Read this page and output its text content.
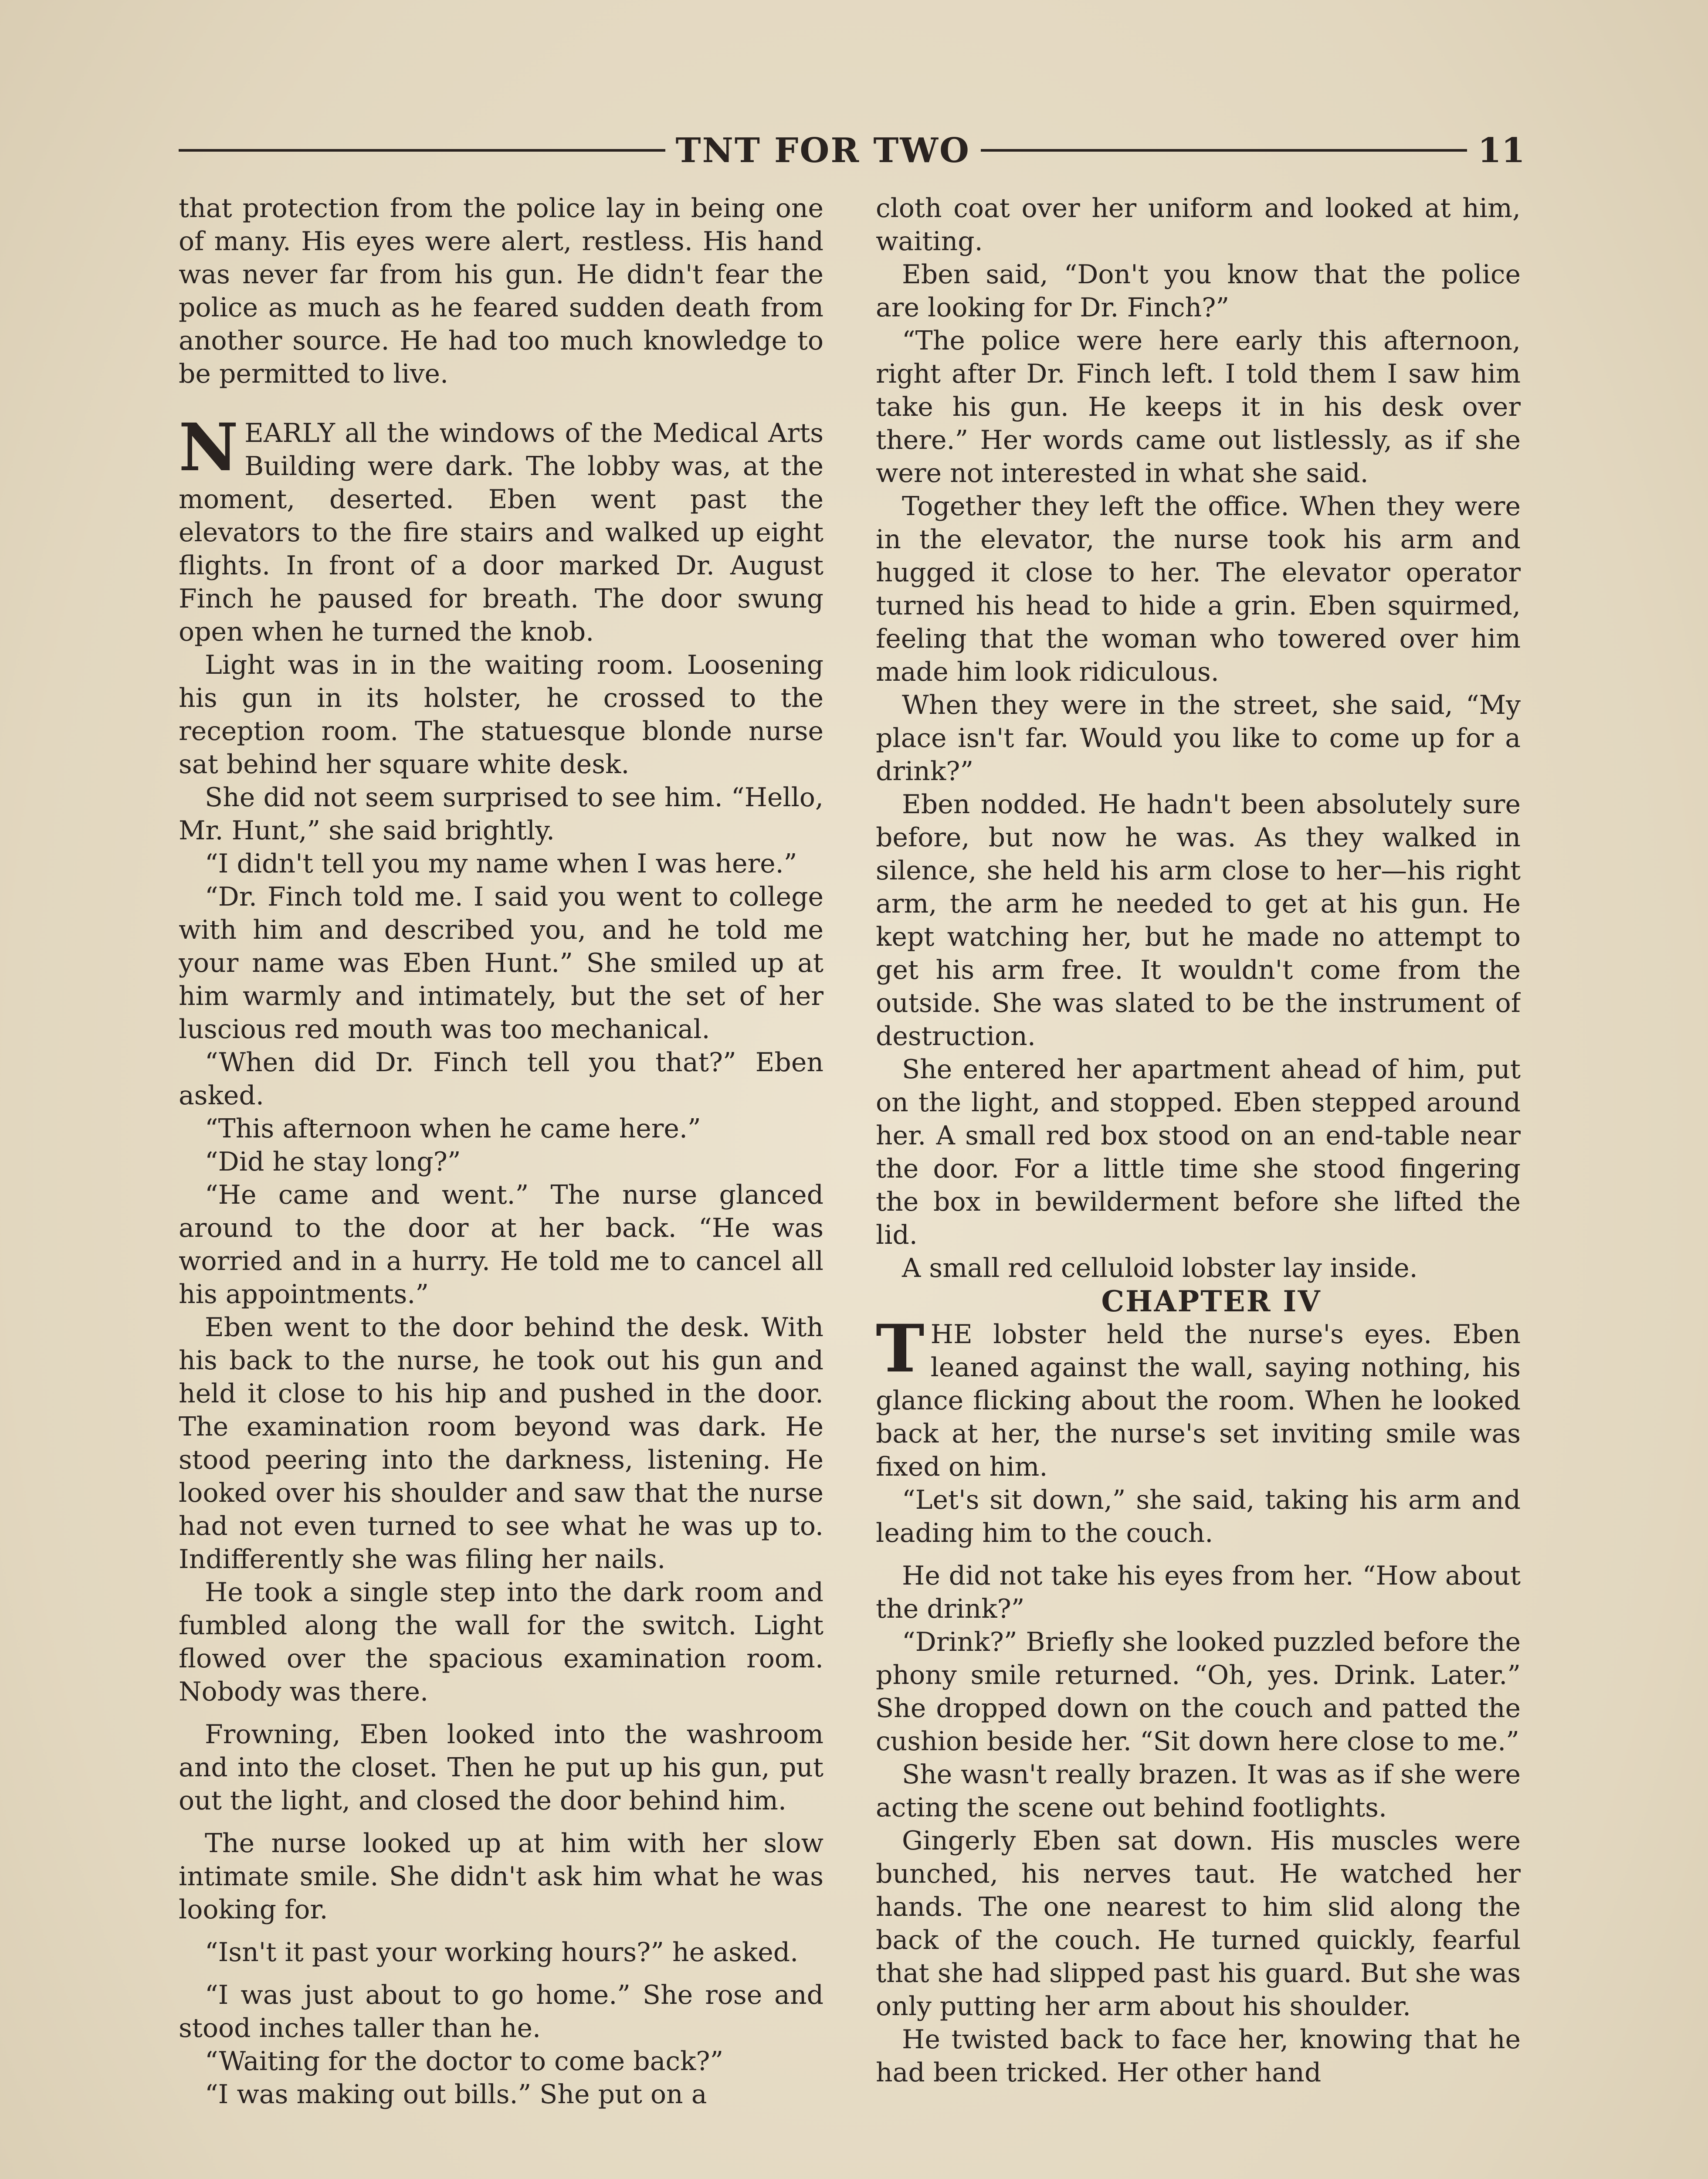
TNT FOR TWO	11

that protection from the police lay in being one of many. His eyes were alert, restless. His hand was never far from his gun. He didn't fear the police as much as he feared sudden death from another source. He had too much knowledge to be permitted to live.

NEARLY all the windows of the Medical Arts Building were dark. The lobby was, at the moment, deserted. Eben went past the elevators to the fire stairs and walked up eight flights. In front of a door marked Dr. August Finch he paused for breath. The door swung open when he turned the knob.

Light was in in the waiting room. Loosening his gun in its holster, he crossed to the reception room. The statuesque blonde nurse sat behind her square white desk.

She did not seem surprised to see him. “Hello, Mr. Hunt,” she said brightly.

“I didn't tell you my name when I was here.”

“Dr. Finch told me. I said you went to college with him and described you, and he told me your name was Eben Hunt.” She smiled up at him warmly and intimately, but the set of her luscious red mouth was too mechanical.

“When did Dr. Finch tell you that?” Eben asked.

“This afternoon when he came here.”

“Did he stay long?”

“He came and went.” The nurse glanced around to the door at her back. “He was worried and in a hurry. He told me to cancel all his appointments.”

Eben went to the door behind the desk. With his back to the nurse, he took out his gun and held it close to his hip and pushed in the door. The examination room beyond was dark. He stood peering into the darkness, listening. He looked over his shoulder and saw that the nurse had not even turned to see what he was up to. Indifferently she was filing her nails.

He took a single step into the dark room and fumbled along the wall for the switch. Light flowed over the spacious examination room. Nobody was there.

Frowning, Eben looked into the washroom and into the closet. Then he put up his gun, put out the light, and closed the door behind him.

The nurse looked up at him with her slow intimate smile. She didn't ask him what he was looking for.

“Isn't it past your working hours?” he asked.

“I was just about to go home.” She rose and stood inches taller than he.

“Waiting for the doctor to come back?”

“I was making out bills.” She put on a

cloth coat over her uniform and looked at him, waiting.

Eben said, “Don't you know that the police are looking for Dr. Finch?”

“The police were here early this afternoon, right after Dr. Finch left. I told them I saw him take his gun. He keeps it in his desk over there.” Her words came out listlessly, as if she were not interested in what she said.

Together they left the office. When they were in the elevator, the nurse took his arm and hugged it close to her. The elevator operator turned his head to hide a grin. Eben squirmed, feeling that the woman who towered over him made him look ridiculous.

When they were in the street, she said, “My place isn't far. Would you like to come up for a drink?”

Eben nodded. He hadn't been absolutely sure before, but now he was. As they walked in silence, she held his arm close to her—his right arm, the arm he needed to get at his gun. He kept watching her, but he made no attempt to get his arm free. It wouldn't come from the outside. She was slated to be the instrument of destruction.

She entered her apartment ahead of him, put on the light, and stopped. Eben stepped around her. A small red box stood on an end-table near the door. For a little time she stood fingering the box in bewilderment before she lifted the lid.

A small red celluloid lobster lay inside.

CHAPTER IV

THE lobster held the nurse's eyes. Eben leaned against the wall, saying nothing, his glance flicking about the room. When he looked back at her, the nurse's set inviting smile was fixed on him.

“Let's sit down,” she said, taking his arm and leading him to the couch.

He did not take his eyes from her. “How about the drink?”

“Drink?” Briefly she looked puzzled before the phony smile returned. “Oh, yes. Drink. Later.” She dropped down on the couch and patted the cushion beside her. “Sit down here close to me.”

She wasn't really brazen. It was as if she were acting the scene out behind footlights.

Gingerly Eben sat down. His muscles were bunched, his nerves taut. He watched her hands. The one nearest to him slid along the back of the couch. He turned quickly, fearful that she had slipped past his guard. But she was only putting her arm about his shoulder.

He twisted back to face her, knowing that he had been tricked. Her other hand
